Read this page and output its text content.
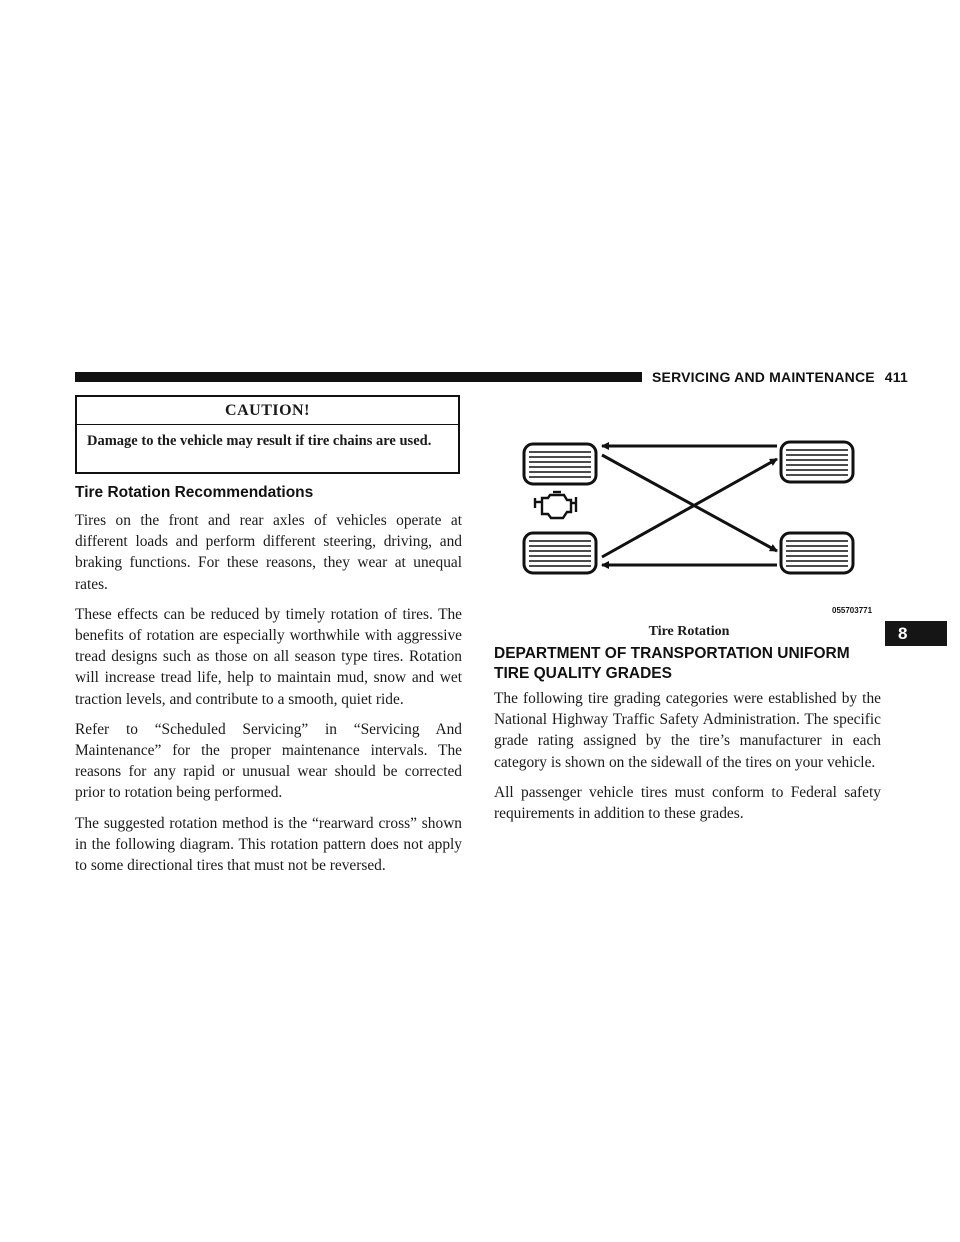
SERVICING AND MAINTENANCE 411
CAUTION!
Damage to the vehicle may result if tire chains are used.
Tire Rotation Recommendations

Tires on the front and rear axles of vehicles operate at different loads and perform different steering, driving, and braking functions. For these reasons, they wear at unequal rates.

These effects can be reduced by timely rotation of tires. The benefits of rotation are especially worthwhile with aggressive tread designs such as those on all season type tires. Rotation will increase tread life, help to maintain mud, snow and wet traction levels, and contribute to a smooth, quiet ride.

Refer to “Scheduled Servicing” in “Servicing And Maintenance” for the proper maintenance intervals. The reasons for any rapid or unusual wear should be corrected prior to rotation being performed.

The suggested rotation method is the “rearward cross” shown in the following diagram. This rotation pattern does not apply to some directional tires that must not be reversed.

055703771
Tire Rotation	8
DEPARTMENT OF TRANSPORTATION UNIFORM TIRE QUALITY GRADES

The following tire grading categories were established by the National Highway Traffic Safety Administration. The specific grade rating assigned by the tire’s manufacturer in each category is shown on the sidewall of the tires on your vehicle.

All passenger vehicle tires must conform to Federal safety requirements in addition to these grades.
